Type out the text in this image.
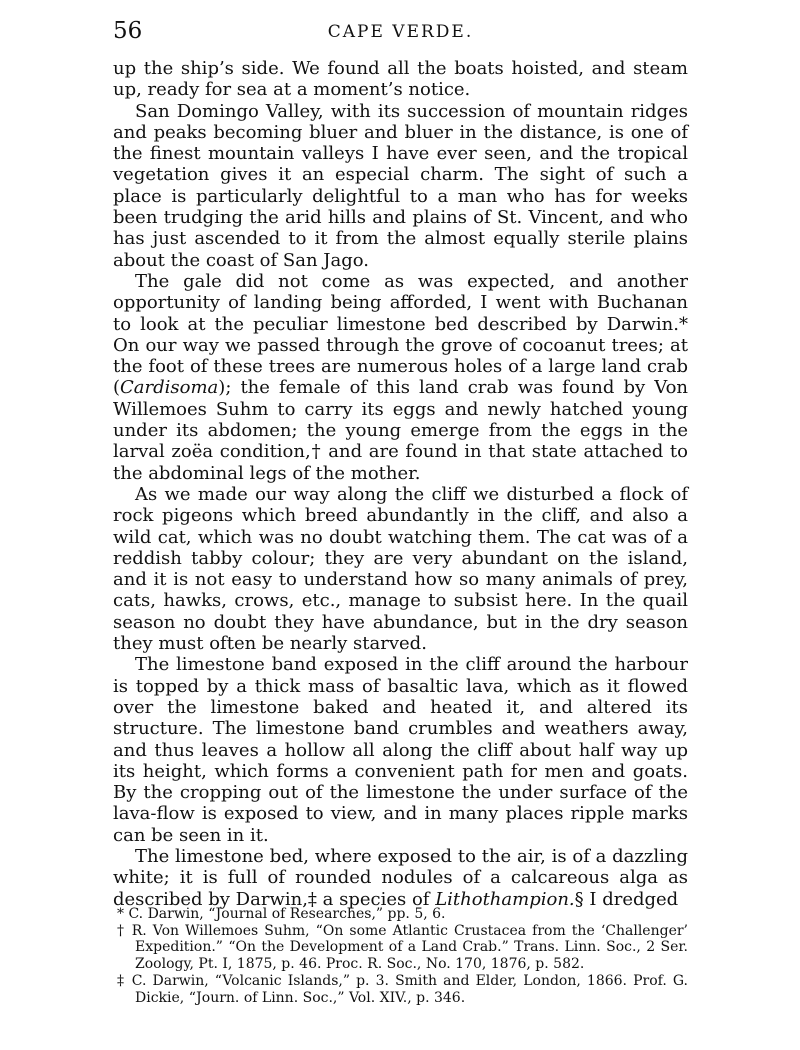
56	CAPE VERDE.

up the ship’s side. We found all the boats hoisted, and steam up, ready for sea at a moment’s notice.

San Domingo Valley, with its succession of mountain ridges and peaks becoming bluer and bluer in the distance, is one of the finest mountain valleys I have ever seen, and the tropical vegetation gives it an especial charm. The sight of such a place is particularly delightful to a man who has for weeks been trudging the arid hills and plains of St. Vincent, and who has just ascended to it from the almost equally sterile plains about the coast of San Jago.

The gale did not come as was expected, and another opportunity of landing being afforded, I went with Buchanan to look at the peculiar limestone bed described by Darwin.* On our way we passed through the grove of cocoanut trees; at the foot of these trees are numerous holes of a large land crab (Cardisoma); the female of this land crab was found by Von Willemoes Suhm to carry its eggs and newly hatched young under its abdomen; the young emerge from the eggs in the larval zoëa condition,† and are found in that state attached to the abdominal legs of the mother.

As we made our way along the cliff we disturbed a flock of rock pigeons which breed abundantly in the cliff, and also a wild cat, which was no doubt watching them. The cat was of a reddish tabby colour; they are very abundant on the island, and it is not easy to understand how so many animals of prey, cats, hawks, crows, etc., manage to subsist here. In the quail season no doubt they have abundance, but in the dry season they must often be nearly starved.

The limestone band exposed in the cliff around the harbour is topped by a thick mass of basaltic lava, which as it flowed over the limestone baked and heated it, and altered its structure. The limestone band crumbles and weathers away, and thus leaves a hollow all along the cliff about half way up its height, which forms a convenient path for men and goats. By the cropping out of the limestone the under surface of the lava-flow is exposed to view, and in many places ripple marks can be seen in it.

The limestone bed, where exposed to the air, is of a dazzling white; it is full of rounded nodules of a calcareous alga as described by Darwin,‡ a species of Lithothampion.§ I dredged

* C. Darwin, “Journal of Researches,” pp. 5, 6.

† R. Von Willemoes Suhm, “On some Atlantic Crustacea from the ‘Challenger’ Expedition.” “On the Development of a Land Crab.” Trans. Linn. Soc., 2 Ser. Zoology, Pt. I, 1875, p. 46. Proc. R. Soc., No. 170, 1876, p. 582.

‡ C. Darwin, “Volcanic Islands,” p. 3. Smith and Elder, London, 1866. Prof. G. Dickie, “Journ. of Linn. Soc.,” Vol. XIV., p. 346.
